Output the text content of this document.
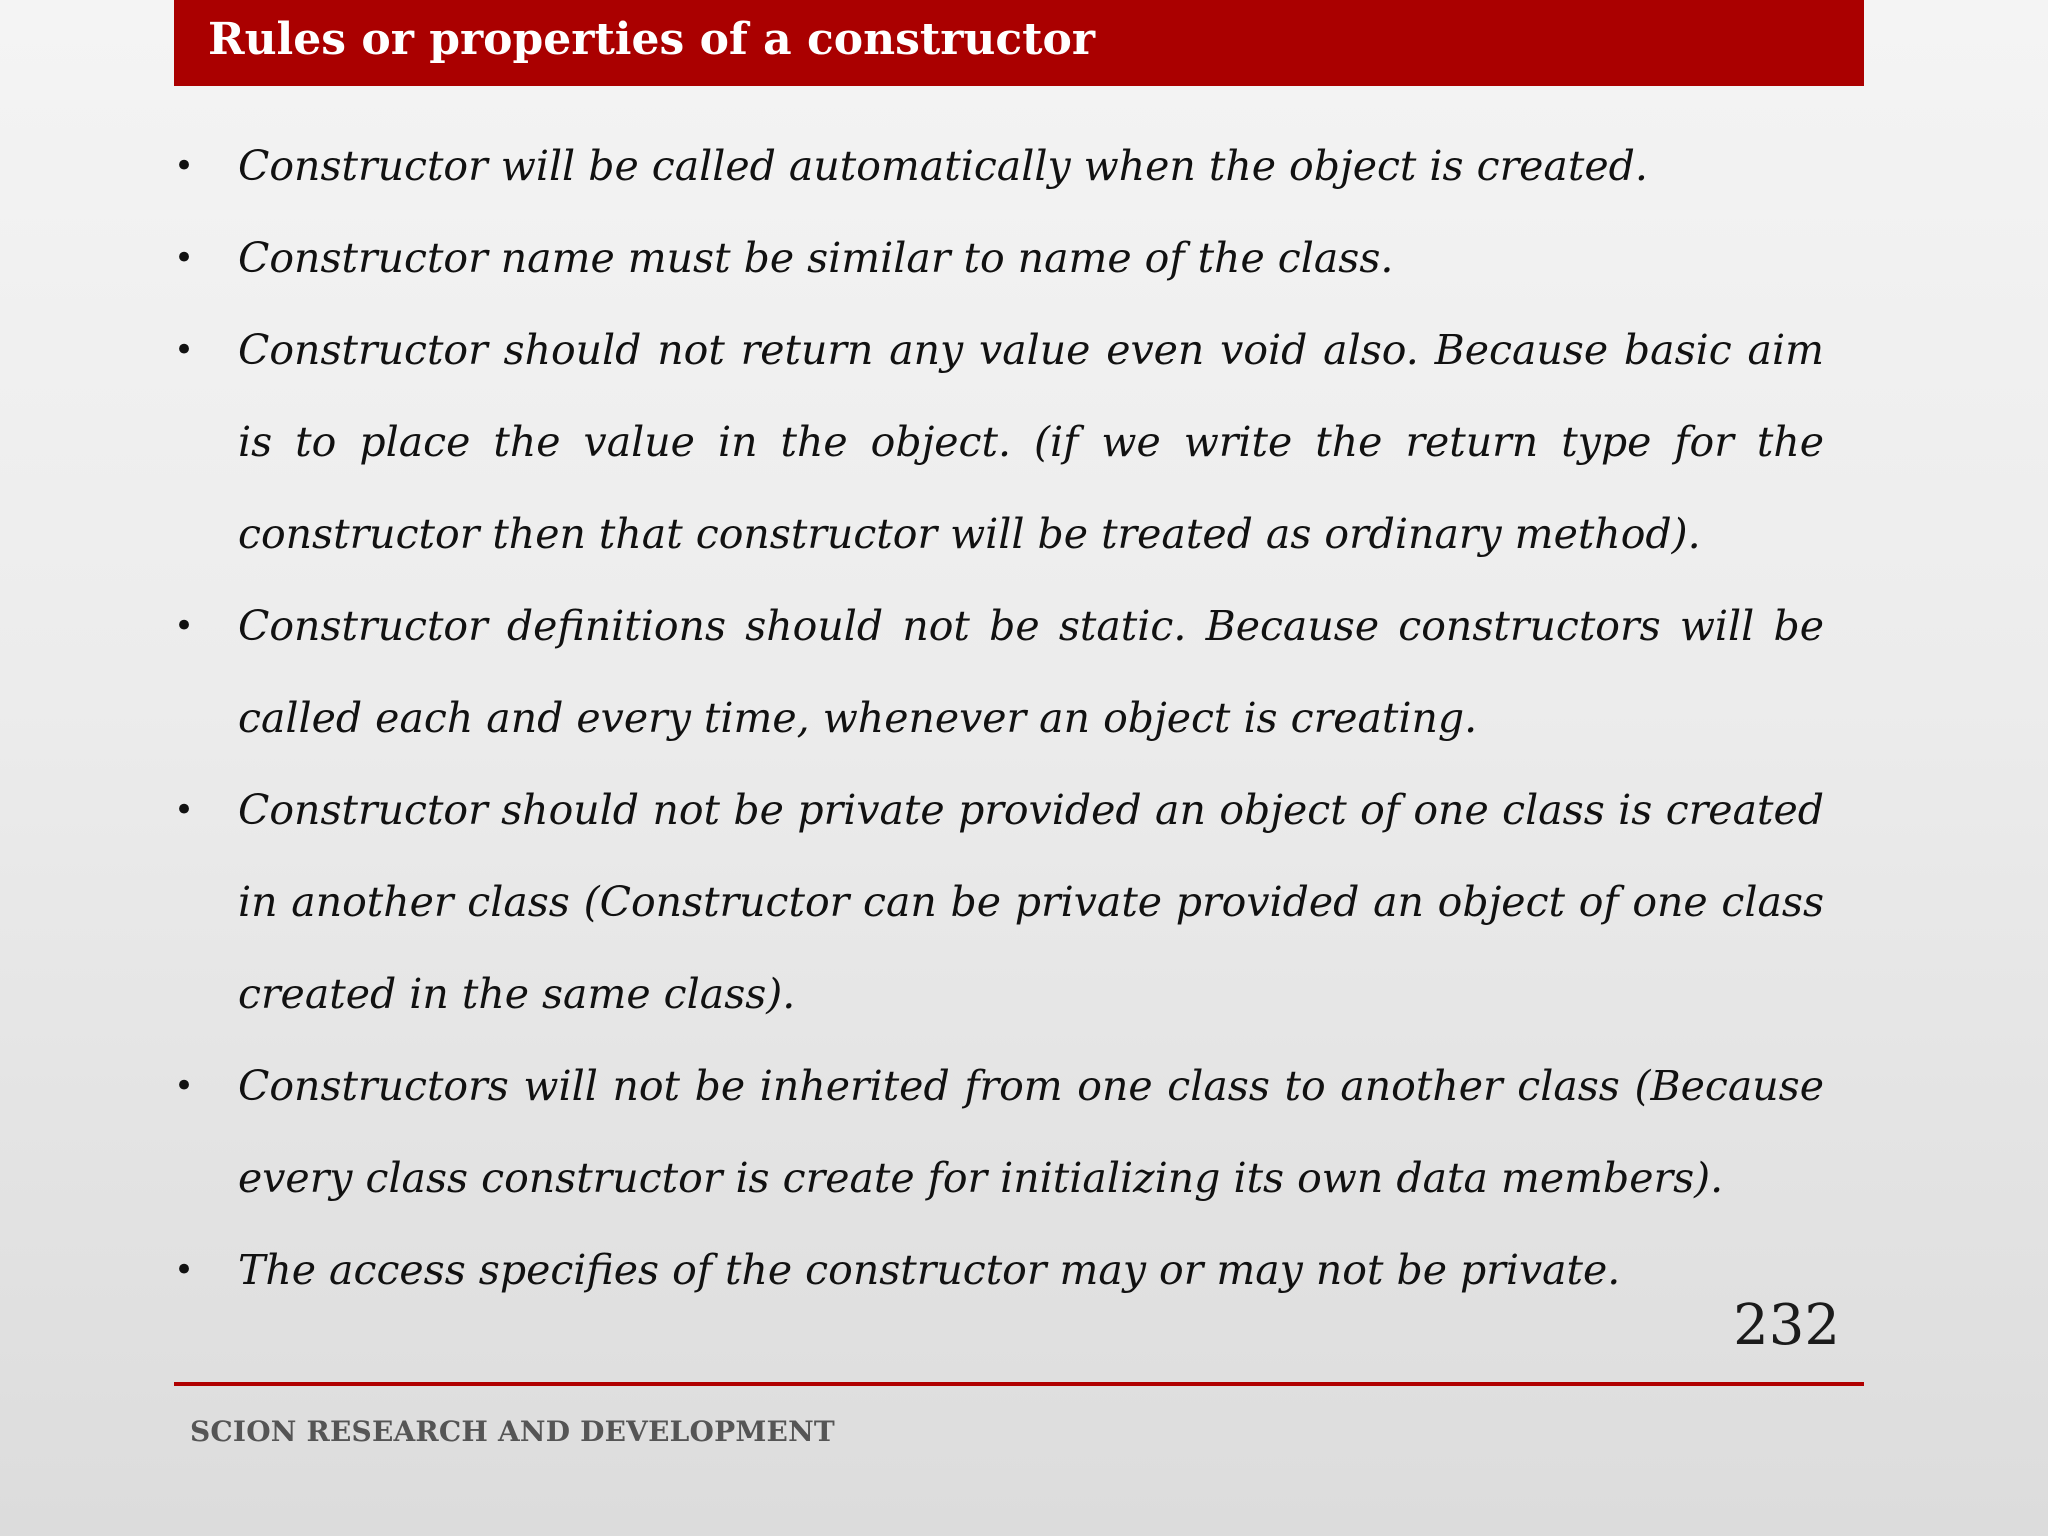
Rules or properties of a constructor
• Constructor will be called automatically when the object is created.
• Constructor name must be similar to name of the class.
• Constructor should not return any value even void also. Because basic aim is to place the value in the object. (if we write the return type for the constructor then that constructor will be treated as ordinary method).
• Constructor definitions should not be static. Because constructors will be called each and every time, whenever an object is creating.
• Constructor should not be private provided an object of one class is created in another class (Constructor can be private provided an object of one class created in the same class).
• Constructors will not be inherited from one class to another class (Because every class constructor is create for initializing its own data members).
• The access specifies of the constructor may or may not be private.
232
SCION RESEARCH AND DEVELOPMENT
